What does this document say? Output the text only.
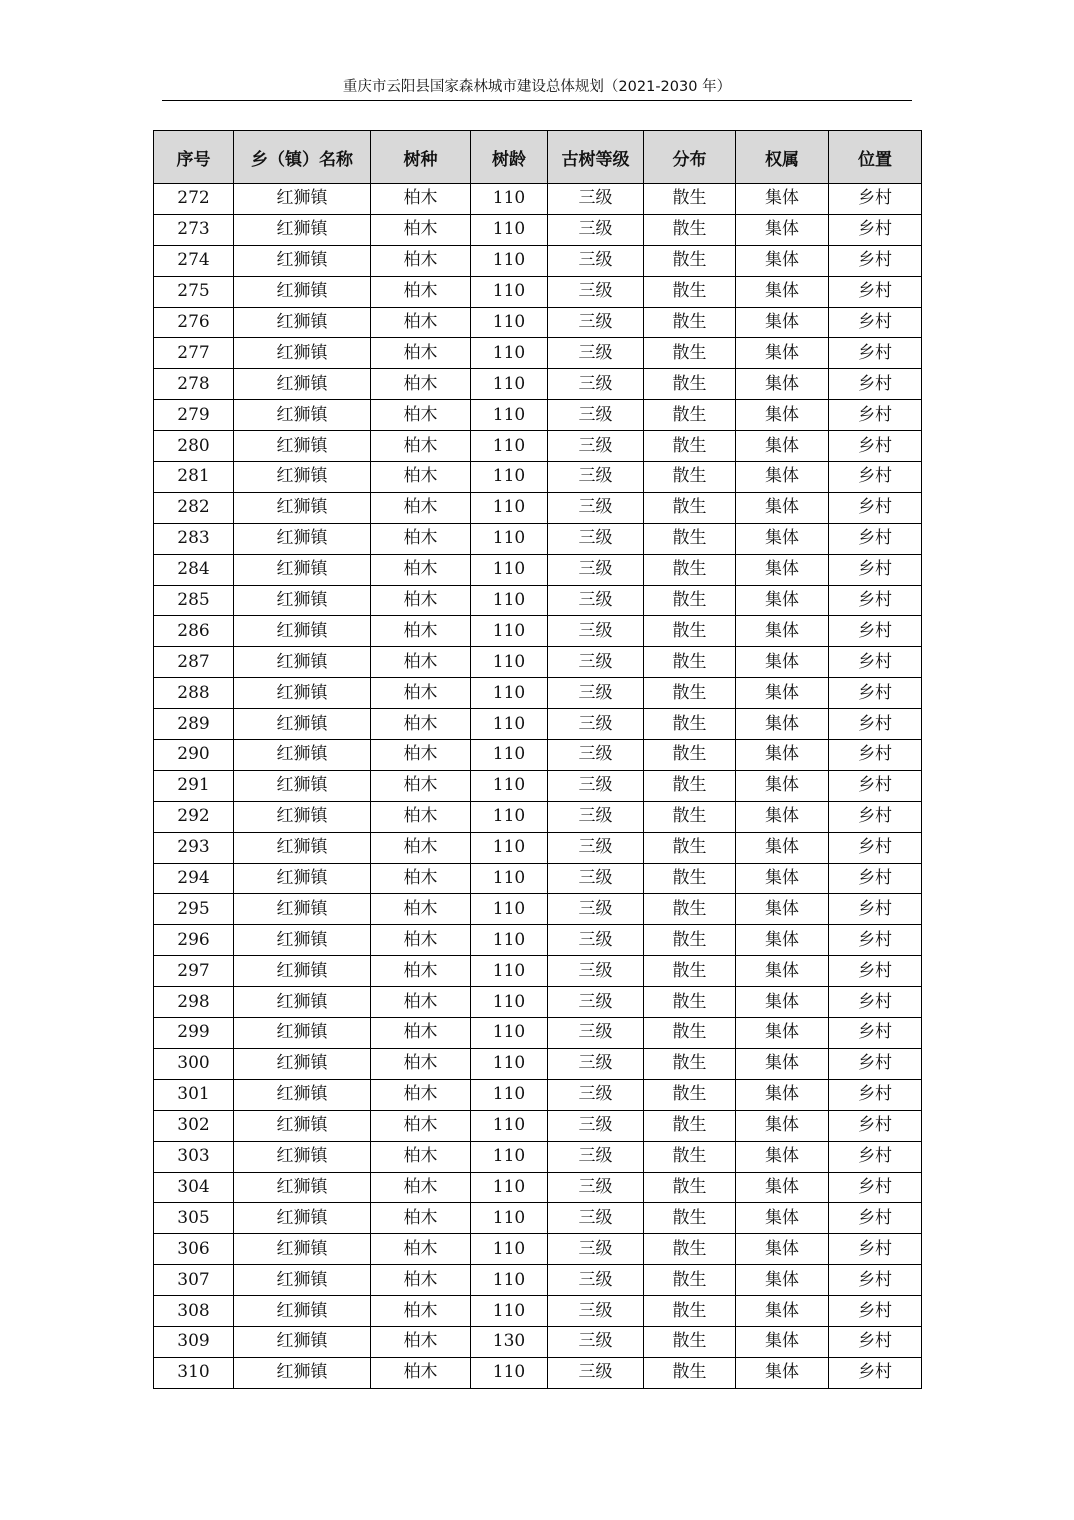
重庆市云阳县国家森林城市建设总体规划（2021-2030 年）
序号	乡（镇）名称	树种	树龄	古树等级	分布	权属	位置
272	红狮镇	柏木	110	三级	散生	集体	乡村
273	红狮镇	柏木	110	三级	散生	集体	乡村
274	红狮镇	柏木	110	三级	散生	集体	乡村
275	红狮镇	柏木	110	三级	散生	集体	乡村
276	红狮镇	柏木	110	三级	散生	集体	乡村
277	红狮镇	柏木	110	三级	散生	集体	乡村
278	红狮镇	柏木	110	三级	散生	集体	乡村
279	红狮镇	柏木	110	三级	散生	集体	乡村
280	红狮镇	柏木	110	三级	散生	集体	乡村
281	红狮镇	柏木	110	三级	散生	集体	乡村
282	红狮镇	柏木	110	三级	散生	集体	乡村
283	红狮镇	柏木	110	三级	散生	集体	乡村
284	红狮镇	柏木	110	三级	散生	集体	乡村
285	红狮镇	柏木	110	三级	散生	集体	乡村
286	红狮镇	柏木	110	三级	散生	集体	乡村
287	红狮镇	柏木	110	三级	散生	集体	乡村
288	红狮镇	柏木	110	三级	散生	集体	乡村
289	红狮镇	柏木	110	三级	散生	集体	乡村
290	红狮镇	柏木	110	三级	散生	集体	乡村
291	红狮镇	柏木	110	三级	散生	集体	乡村
292	红狮镇	柏木	110	三级	散生	集体	乡村
293	红狮镇	柏木	110	三级	散生	集体	乡村
294	红狮镇	柏木	110	三级	散生	集体	乡村
295	红狮镇	柏木	110	三级	散生	集体	乡村
296	红狮镇	柏木	110	三级	散生	集体	乡村
297	红狮镇	柏木	110	三级	散生	集体	乡村
298	红狮镇	柏木	110	三级	散生	集体	乡村
299	红狮镇	柏木	110	三级	散生	集体	乡村
300	红狮镇	柏木	110	三级	散生	集体	乡村
301	红狮镇	柏木	110	三级	散生	集体	乡村
302	红狮镇	柏木	110	三级	散生	集体	乡村
303	红狮镇	柏木	110	三级	散生	集体	乡村
304	红狮镇	柏木	110	三级	散生	集体	乡村
305	红狮镇	柏木	110	三级	散生	集体	乡村
306	红狮镇	柏木	110	三级	散生	集体	乡村
307	红狮镇	柏木	110	三级	散生	集体	乡村
308	红狮镇	柏木	110	三级	散生	集体	乡村
309	红狮镇	柏木	130	三级	散生	集体	乡村
310	红狮镇	柏木	110	三级	散生	集体	乡村
